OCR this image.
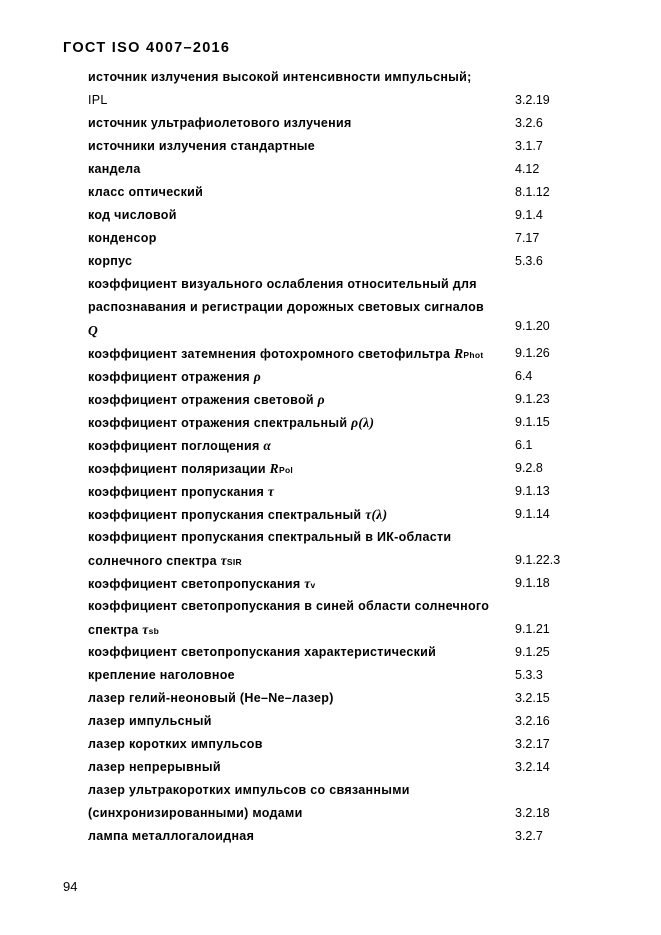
ГОСТ ISO 4007–2016
источник излучения высокой интенсивности импульсный;
IPL	3.2.19
источник ультрафиолетового излучения	3.2.6
источники излучения стандартные	3.1.7
кандела	4.12
класс оптический	8.1.12
код числовой	9.1.4
конденсор	7.17
корпус	5.3.6
коэффициент визуального ослабления относительный для
распознавания и регистрации дорожных световых сигналов
Q	9.1.20
коэффициент затемнения фотохромного светофильтра RPhot	9.1.26
коэффициент отражения ρ	6.4
коэффициент отражения световой ρ	9.1.23
коэффициент отражения спектральный ρ(λ)	9.1.15
коэффициент поглощения α	6.1
коэффициент поляризации RPol	9.2.8
коэффициент пропускания τ	9.1.13
коэффициент пропускания спектральный τ(λ)	9.1.14
коэффициент пропускания спектральный в ИК-области
солнечного спектра τSIR	9.1.22.3
коэффициент светопропускания τv	9.1.18
коэффициент светопропускания в синей области солнечного
спектра τsb	9.1.21
коэффициент светопропускания характеристический	9.1.25
крепление наголовное	5.3.3
лазер гелий-неоновый (He–Ne–лазер)	3.2.15
лазер импульсный	3.2.16
лазер коротких импульсов	3.2.17
лазер непрерывный	3.2.14
лазер ультракоротких импульсов со связанными
(синхронизированными) модами	3.2.18
лампа металлогалоидная	3.2.7
94
